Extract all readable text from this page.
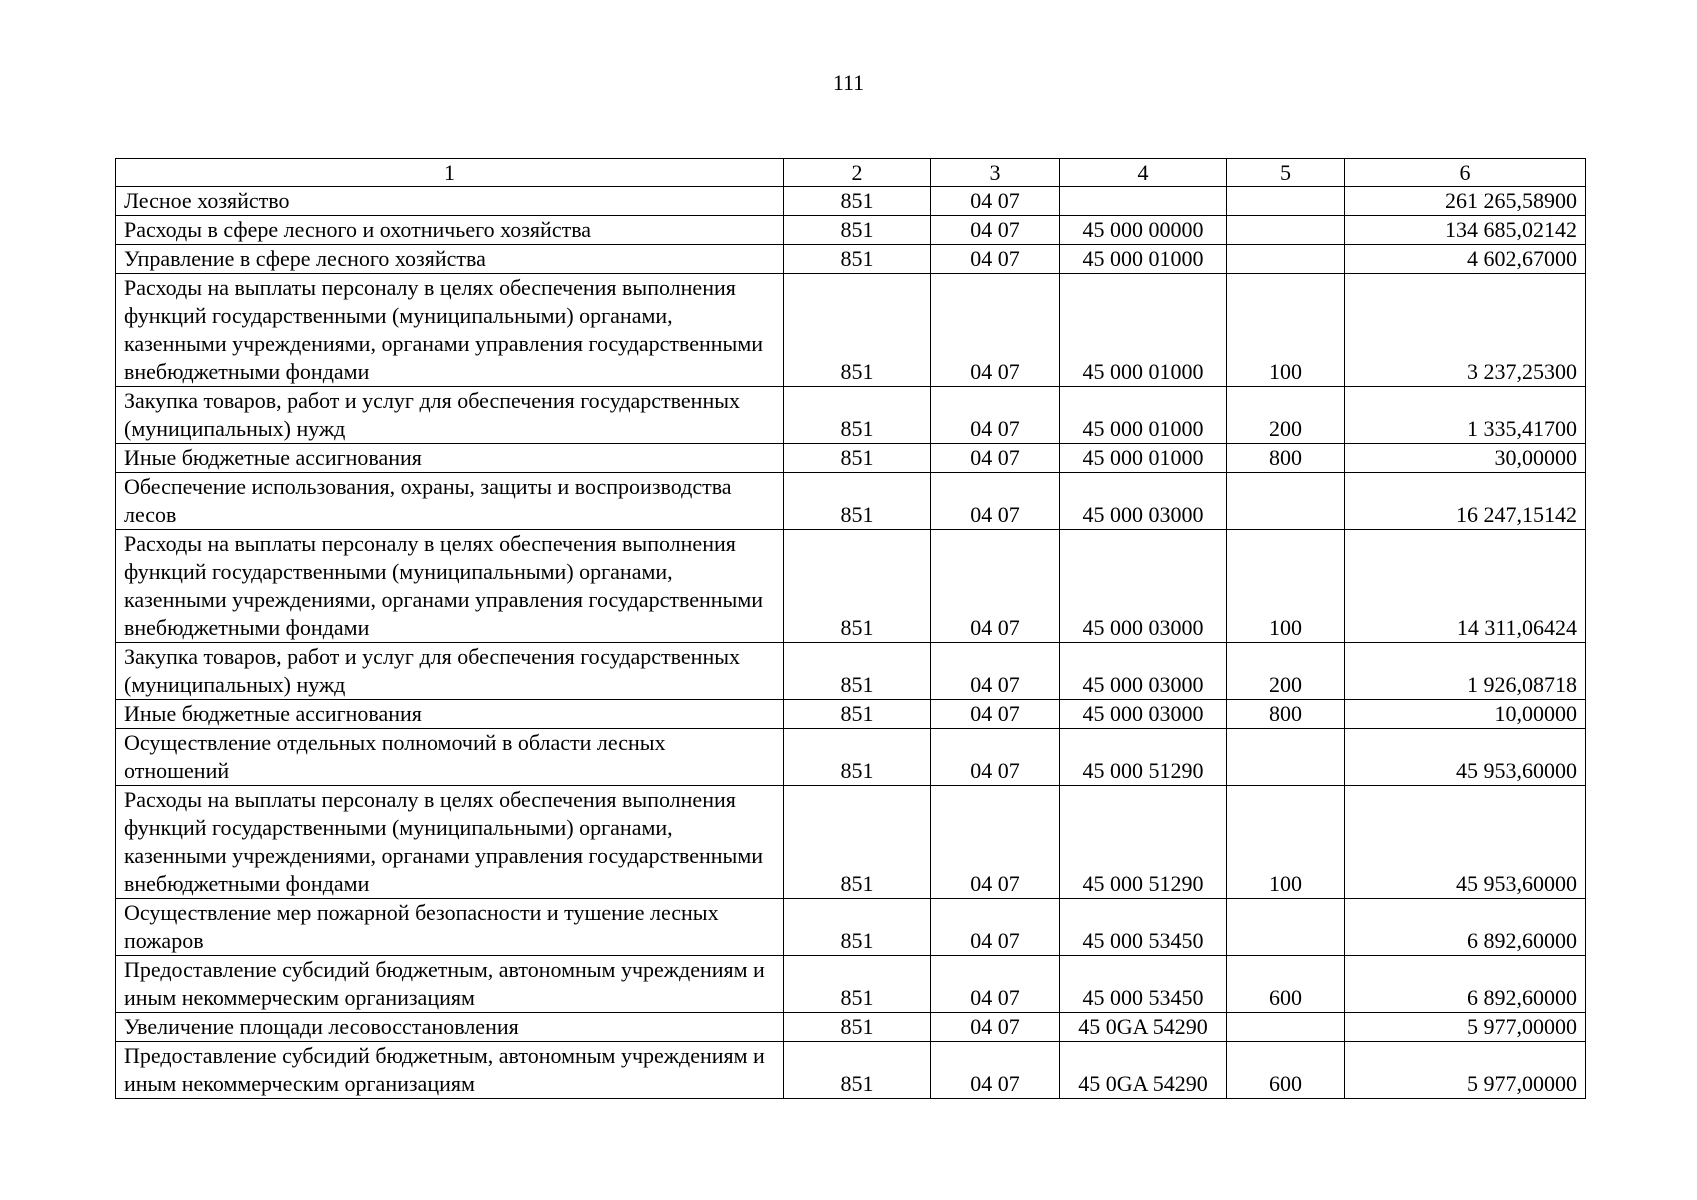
111
1	2	3	4	5	6
Лесное хозяйство	851	04 07			261 265,58900
Расходы в сфере лесного и охотничьего хозяйства	851	04 07	45 000 00000		134 685,02142
Управление в сфере лесного хозяйства	851	04 07	45 000 01000		4 602,67000
Расходы на выплаты персоналу в целях обеспечения выполнения функций государственными (муниципальными) органами, казенными учреждениями, органами управления государственными внебюджетными фондами	851	04 07	45 000 01000	100	3 237,25300
Закупка товаров, работ и услуг для обеспечения государственных (муниципальных) нужд	851	04 07	45 000 01000	200	1 335,41700
Иные бюджетные ассигнования	851	04 07	45 000 01000	800	30,00000
Обеспечение использования, охраны, защиты и воспроизводства лесов	851	04 07	45 000 03000		16 247,15142
Расходы на выплаты персоналу в целях обеспечения выполнения функций государственными (муниципальными) органами, казенными учреждениями, органами управления государственными внебюджетными фондами	851	04 07	45 000 03000	100	14 311,06424
Закупка товаров, работ и услуг для обеспечения государственных (муниципальных) нужд	851	04 07	45 000 03000	200	1 926,08718
Иные бюджетные ассигнования	851	04 07	45 000 03000	800	10,00000
Осуществление отдельных полномочий в области лесных отношений	851	04 07	45 000 51290		45 953,60000
Расходы на выплаты персоналу в целях обеспечения выполнения функций государственными (муниципальными) органами, казенными учреждениями, органами управления государственными внебюджетными фондами	851	04 07	45 000 51290	100	45 953,60000
Осуществление мер пожарной безопасности и тушение лесных пожаров	851	04 07	45 000 53450		6 892,60000
Предоставление субсидий бюджетным, автономным учреждениям и иным некоммерческим организациям	851	04 07	45 000 53450	600	6 892,60000
Увеличение площади лесовосстановления	851	04 07	45 0GA 54290		5 977,00000
Предоставление субсидий бюджетным, автономным учреждениям и иным некоммерческим организациям	851	04 07	45 0GA 54290	600	5 977,00000
